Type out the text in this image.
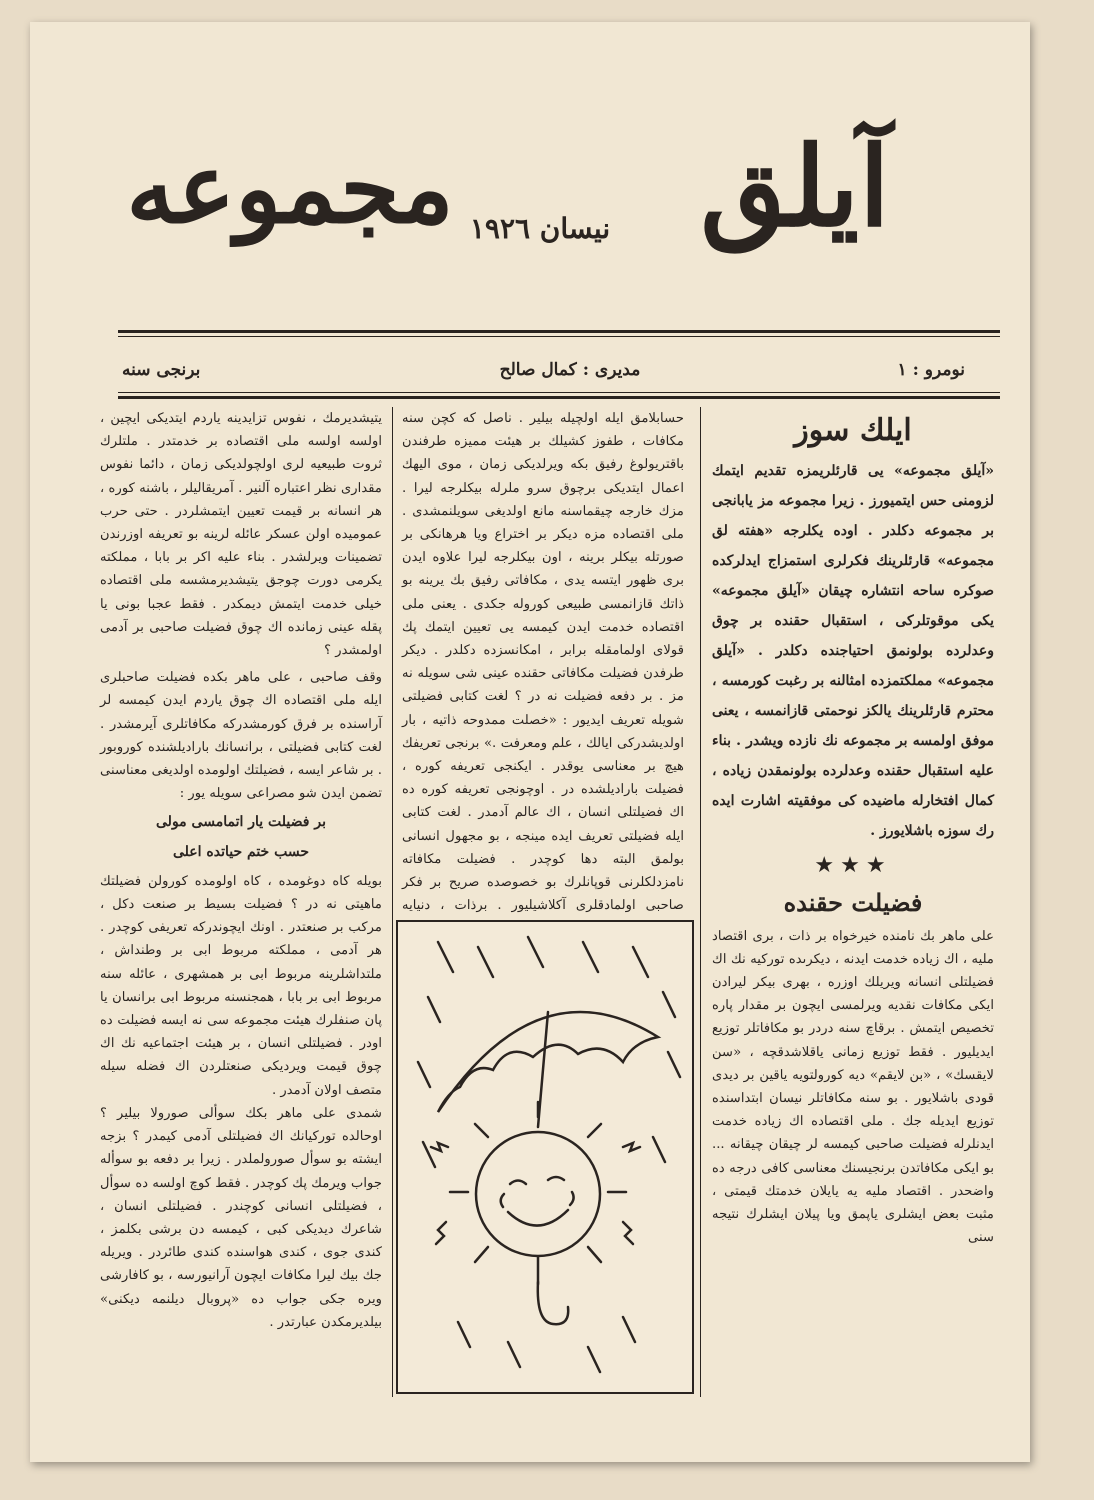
مجموعه نيسان ١٩٢٦ آيلق
نومرو : ١
مديرى : كمال صالح
برنجى سنه
ايلك سوز

«آيلق مجموعه» يى قارئلريمزه تقديم ايتمك لزومنى حس ايتميورز . زيرا مجموعه مز يابانجى بر مجموعه دكلدر . اوده يكلرجه «هفته لق مجموعه» قارئلرينك فكرلرى استمزاج ايدلركده صوكره ساحه انتشاره چيقان «آيلق مجموعه» يكى موقوتلركى ، استقبال حقنده بر چوق وعدلرده بولونمق احتياجنده دكلدر . «آيلق مجموعه» مملكتمزده امثالنه بر رغبت كورمسه ، محترم قارئلرينك يالكز نوحمتى قازانمسه ، يعنى موفق اولمسه بر مجموعه نك نازده ويشدر . بناء عليه استقبال حقنده وعدلرده بولونمقدن زياده ، كمال افتخارله ماضيده كى موفقيته اشارت ايده رك سوزه باشلايورز .

★★★
فضيلت حقنده

على ماهر بك نامنده خيرخواه بر ذات ، برى اقتصاد مليه ، اك زياده خدمت ايدنه ، ديكرىده توركيه نك اك فضيلتلى انسانه ويريلك اوزره ، بهرى بيكر ليرادن ايكى مكافات نقديه ويرلمسى ايچون بر مقدار پاره تخصيص ايتمش . برقاچ سنه دردر بو مكافاتلر توزيع ايديليور . فقط توزيع زمانى ياقلاشدقچه ، «سن لايقسك» ، «بن لايقم» ديه كورولتويه ياقين بر ديدى قودى باشلايور . بو سنه مكافاتلر نيسان ابتداسنده توزيع ايديله جك . ملى اقتصاده اك زياده خدمت ايدنلرله فضيلت صاحبى كيمسه لر چيقان چيقانه ... بو ايكى مكافاتدن برنجيسنك معناسى كافى درجه ده واضحدر . اقتصاد مليه يه يايلان خدمتك قيمتى ، مثبت بعض ايشلرى ياپمق ويا پيلان ايشلرك نتيجه سنى

حسابلامق ايله اولچيله بيلير . ناصل كه كچن سنه مكافات ، طفوز كشيلك بر هيئت مميزه طرفندن باقتريولوغ رفيق بكه ويرلديكى زمان ، موى اليهك اعمال ايتديكى برچوق سرو ملرله بيكلرجه ليرا . مزك خارجه چيقماسنه مانع اولديغى سويلنمشدى . ملى اقتصاده مزه ديكر بر اختراع ويا هرهانكى بر صورتله بيكلر برينه ، اون بيكلرجه ليرا علاوه ايدن برى ظهور ايتسه يدى ، مكافاتى رفيق بك يرينه بو ذاتك قازانمسى طبيعى كوروله جكدى . يعنى ملى اقتصاده خدمت ايدن كيمسه يى تعيين ايتمك پك قولاى اولمامقله برابر ، امكانسزده دكلدر . ديكر طرفدن فضيلت مكافاتى حقنده عينى شى سويله نه مز . بر دفعه فضيلت نه در ؟ لغت كتابى فضيلتى شويله تعريف ايديور : «خصلت ممدوحه ذاتيه ، بار اولديشدركى ايالك ، علم ومعرفت .» برنجى تعريفك هيچ بر معناسى يوقدر . ايكنجى تعريفه كوره ، فضيلت باراديلشده در . اوچونجى تعريفه كوره ده اك فضيلتلى انسان ، اك عالم آدمدر . لغت كتابى ايله فضيلتى تعريف ايده مينجه ، بو مجهول انسانى بولمق البته دها كوچدر . فضيلت مكافاته نامزدلكلرنى قوپانلرك بو خصوصده صريح بر فكر صاحبى اولمادقلرى آكلاشيليور . برذات ، دنيايه

يتيشديرمك ، نفوس تزايدينه ياردم ايتديكى ايچين ، اولسه اولسه ملى اقتصاده بر خدمتدر . ملتلرك ثروت طبيعيه لرى اولچولديكى زمان ، دائما نفوس مقدارى نظر اعتباره آلنير . آمريقاليلر ، باشنه كوره ، هر انسانه بر قيمت تعيين ايتمشلردر . حتى حرب عموميده اولن عسكر عائله لرينه بو تعريفه اوزرندن تضمينات ويرلشدر . بناء عليه اكر بر بابا ، مملكته يكرمى دورت چوجق يتيشديرمشسه ملى اقتصاده خيلى خدمت ايتمش ديمكدر . فقط عجبا بونى يا پقله عينى زمانده اك چوق فضيلت صاحبى بر آدمى اولمشدر ؟

وقف صاحبى ، على ماهر بكده فضيلت صاحبلرى ايله ملى اقتصاده اك چوق ياردم ايدن كيمسه لر آراسنده بر فرق كورمشدركه مكافاتلرى آيرمشدر . لغت كتابى فضيلتى ، برانسانك باراديلشنده كوروبور . بر شاعر ايسه ، فضيلتك اولومده اولديغى معناسنى تضمن ايدن شو مصراعى سويله يور :

بر فضيلت يار اتمامسى مولى
حسب ختم حياتده اعلى

بويله كاه دوغومده ، كاه اولومده كورولن فضيلتك ماهيتى نه در ؟ فضيلت بسيط بر صنعت دكل ، مركب بر صنعتدر . اونك ايچوندركه تعريفى كوچدر . هر آدمى ، مملكته مربوط ابى بر وطنداش ، ملتداشلرينه مربوط ابى بر همشهرى ، عائله سنه مربوط ابى بر بابا ، همجنسنه مربوط ابى برانسان يا پان صنفلرك هيئت مجموعه سى نه ايسه فضيلت ده اودر . فضيلتلى انسان ، بر هيئت اجتماعيه نك اك چوق قيمت ويرديكى صنعتلردن اك فضله سيله متصف اولان آدمدر .

شمدى على ماهر بكك سوألى صورولا بيلير ؟ اوحالده توركيانك اك فضيلتلى آدمى كيمدر ؟ بزجه ايشته بو سوأل صورولملدر . زيرا بر دفعه بو سوأله جواب ويرمك پك كوچدر . فقط كوچ اولسه ده سوأل ، فضيلتلى انسانى كوچندر . فضيلتلى انسان ، شاعرك ديديكى كبى ، كيمسه دن برشى بكلمز ، كندى جوى ، كندى هواسنده كندى طائردر . ويريله جك بيك ليرا مكافات ايچون آرانيورسه ، بو كافارشى ويره جكى جواب ده «پروبال ديلنمه ديكنى» بيلديرمكدن عبارتدر .
